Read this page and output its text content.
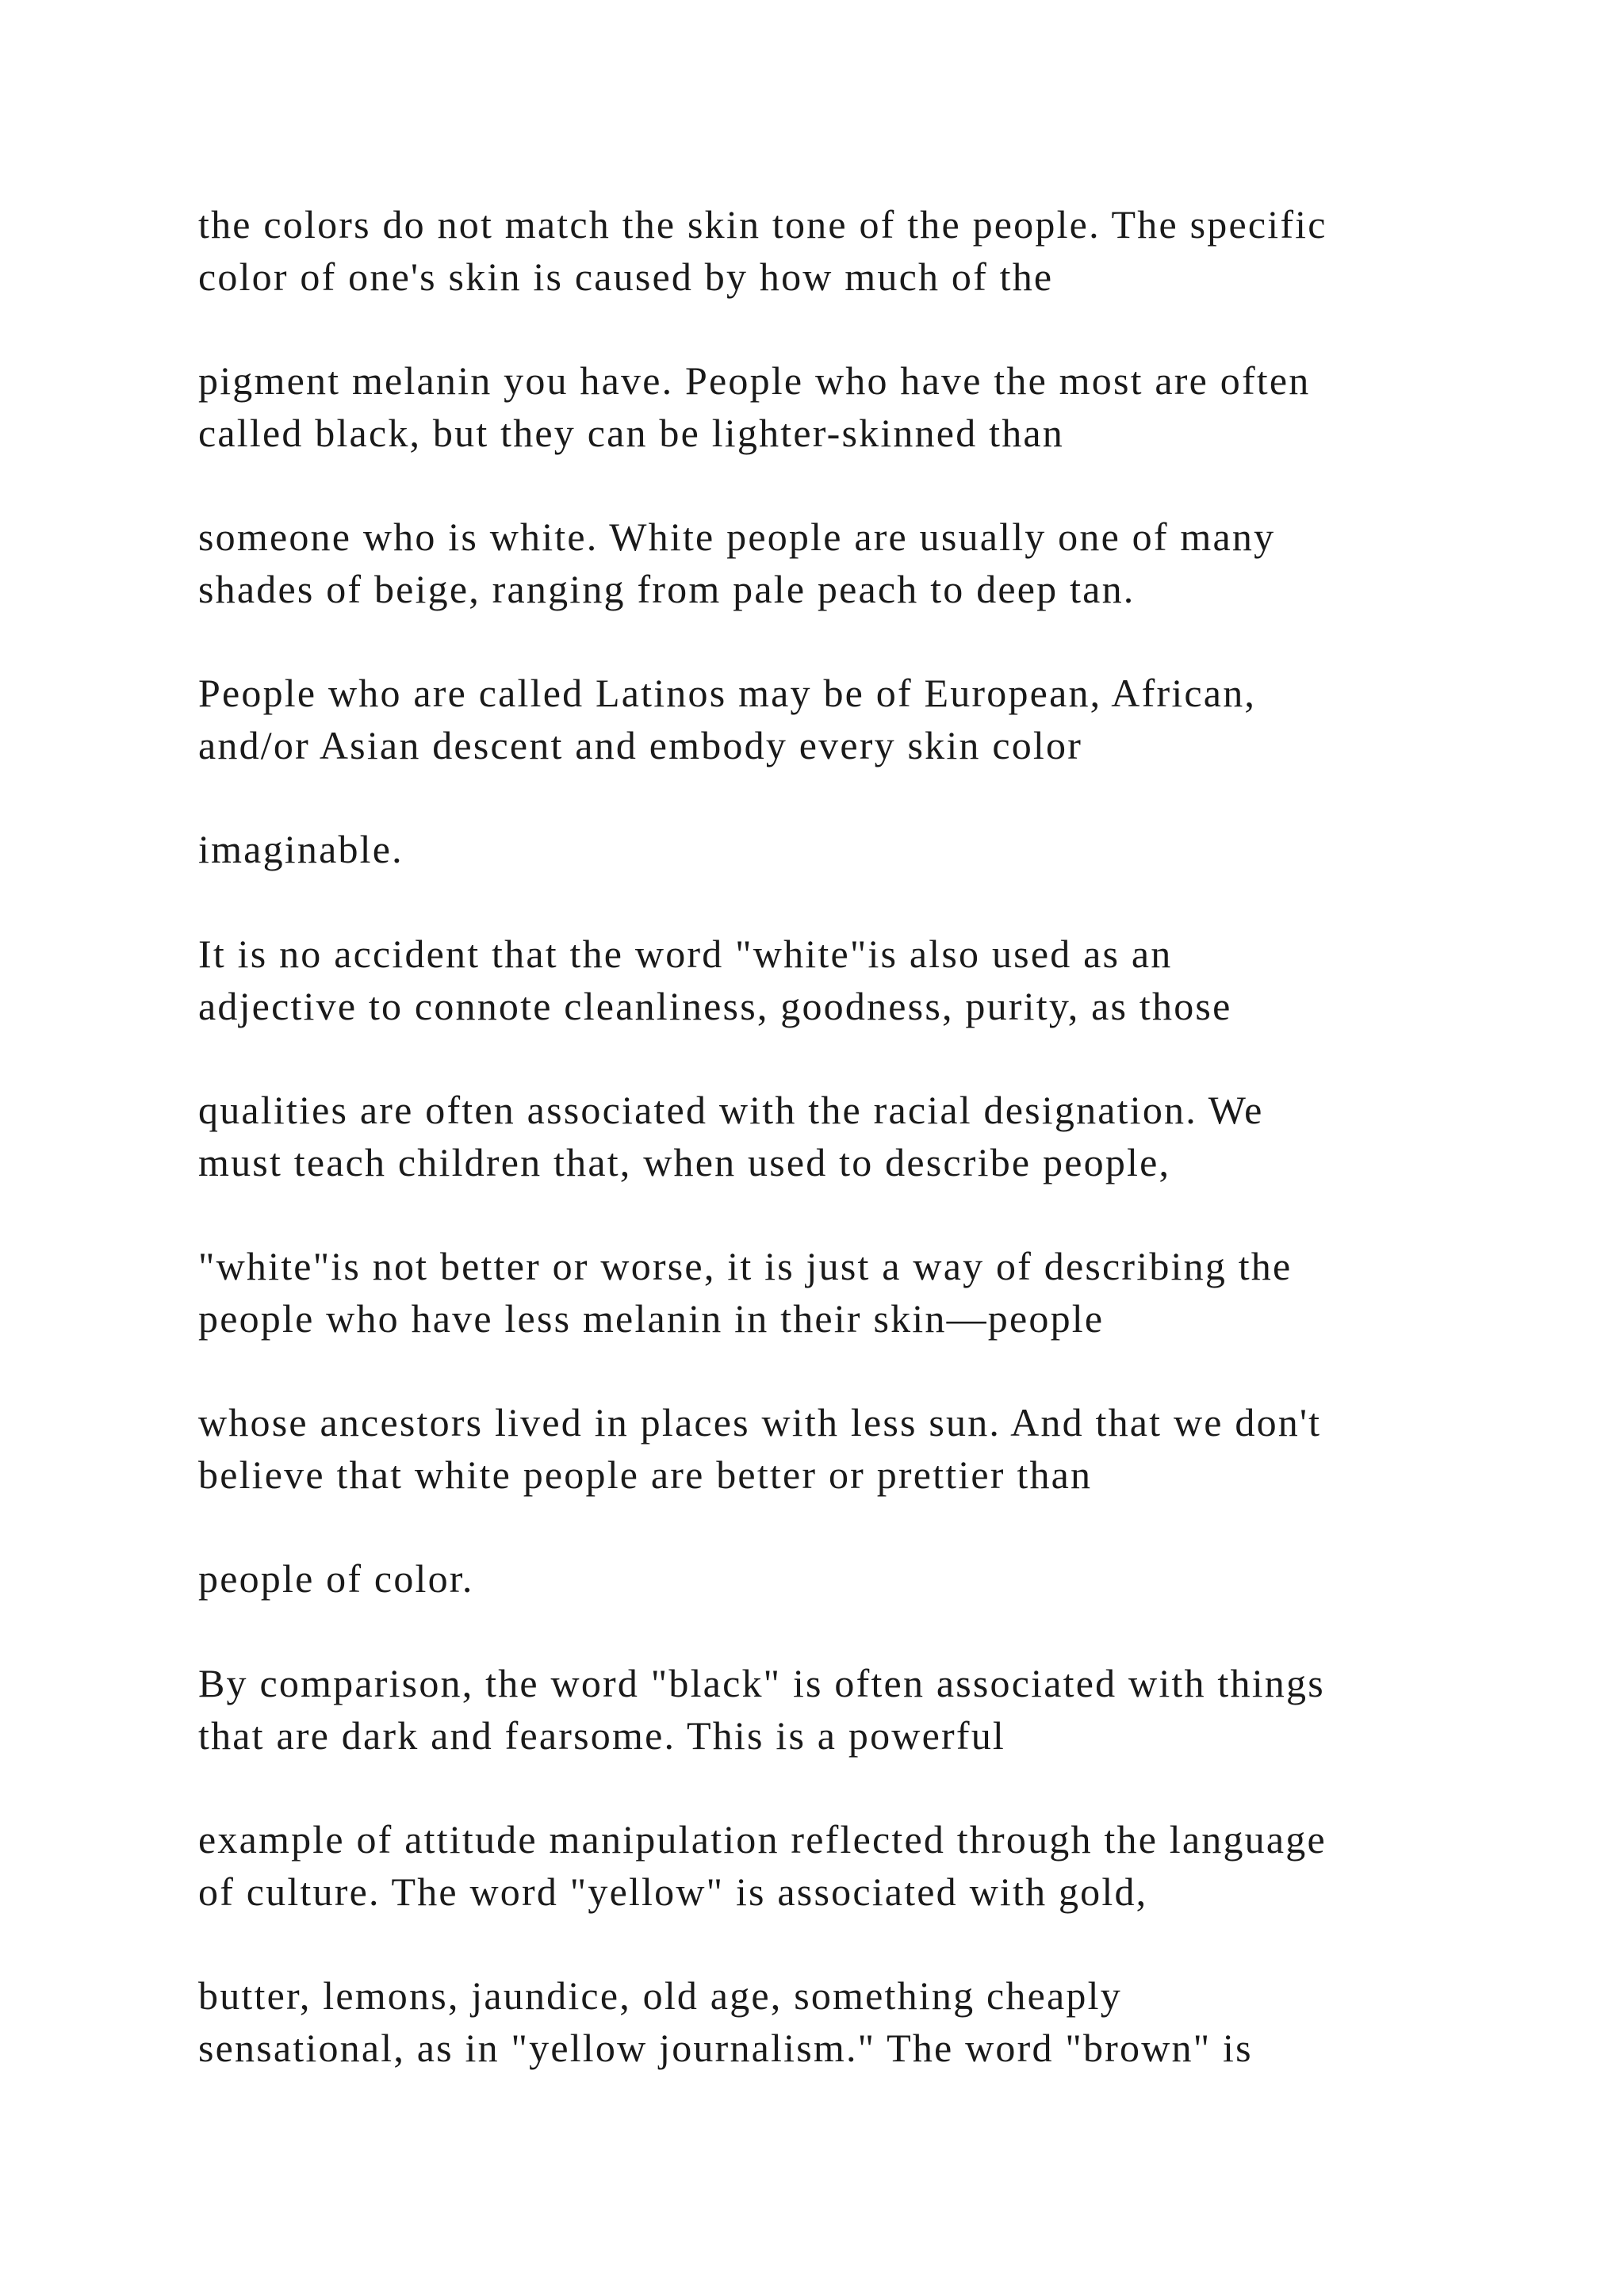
the colors do not match the skin tone of the people. The specific
color of one's skin is caused by how much of the
pigment melanin you have. People who have the most are often
called black, but they can be lighter-skinned than
someone who is white. White people are usually one of many
shades of beige, ranging from pale peach to deep tan.
People who are called Latinos may be of European, African,
and/or Asian descent and embody every skin color
imaginable.
It is no accident that the word "white"is also used as an
adjective to connote cleanliness, goodness, purity, as those
qualities are often associated with the racial designation. We
must teach children that, when used to describe people,
"white"is not better or worse, it is just a way of describing the
people who have less melanin in their skin—people
whose ancestors lived in places with less sun. And that we don't
believe that white people are better or prettier than
people of color.
By comparison, the word "black" is often associated with things
that are dark and fearsome. This is a powerful
example of attitude manipulation reflected through the language
of culture. The word "yellow" is associated with gold,
butter, lemons, jaundice, old age, something cheaply
sensational, as in "yellow journalism." The word "brown" is
